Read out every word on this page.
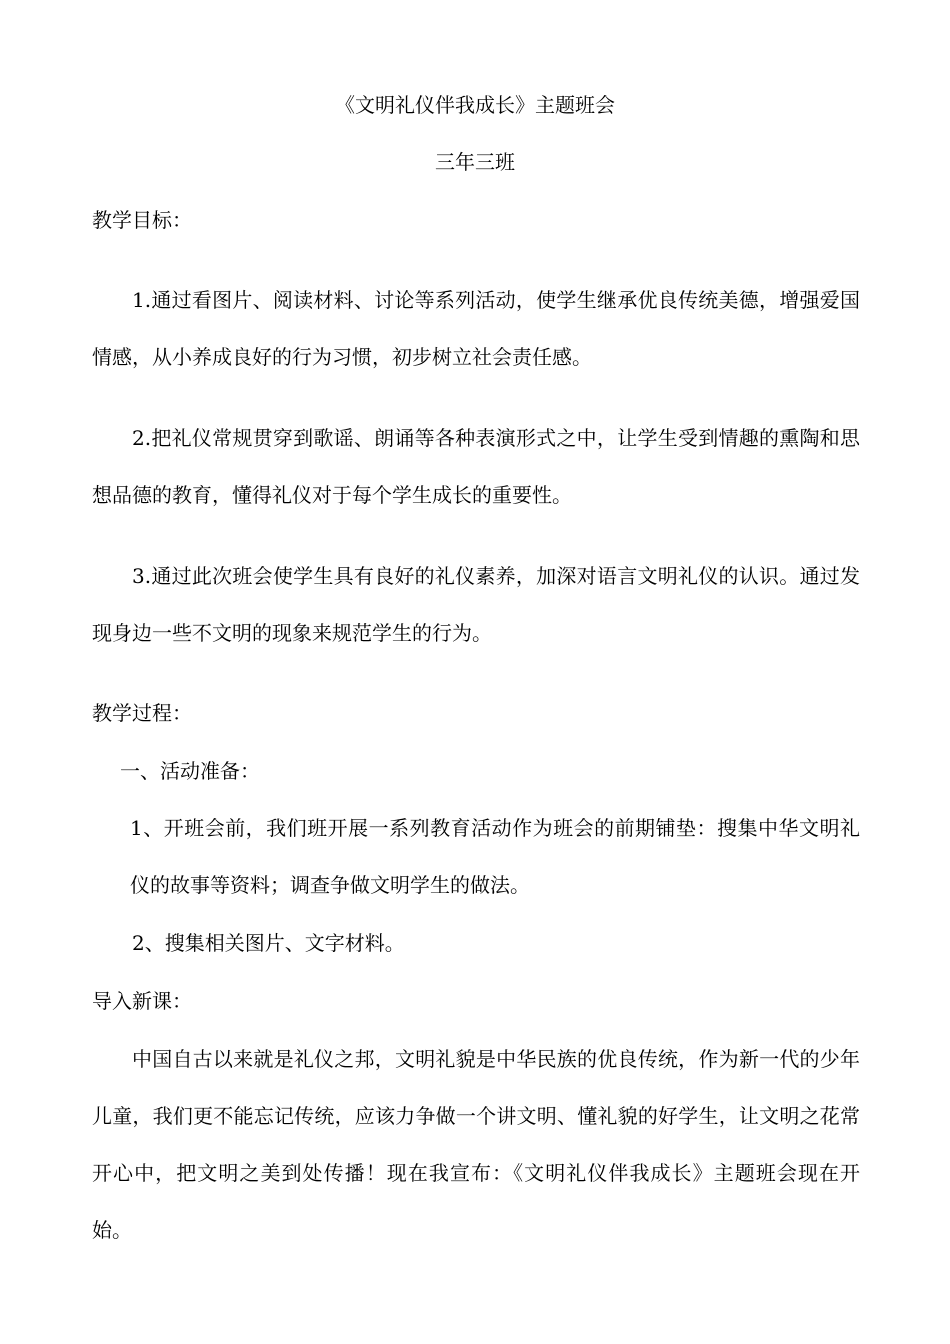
《文明礼仪伴我成长》主题班会
三年三班
教学目标：

1.通过看图片、阅读材料、讨论等系列活动，使学生继承优良传统美德，增强爱国情感，从小养成良好的行为习惯，初步树立社会责任感。

2.把礼仪常规贯穿到歌谣、朗诵等各种表演形式之中，让学生受到情趣的熏陶和思想品德的教育，懂得礼仪对于每个学生成长的重要性。

3.通过此次班会使学生具有良好的礼仪素养，加深对语言文明礼仪的认识。通过发现身边一些不文明的现象来规范学生的行为。

教学过程：
一、活动准备：

1、开班会前，我们班开展一系列教育活动作为班会的前期铺垫：搜集中华文明礼仪的故事等资料；调查争做文明学生的做法。

2、搜集相关图片、文字材料。
导入新课：

中国自古以来就是礼仪之邦，文明礼貌是中华民族的优良传统，作为新一代的少年儿童，我们更不能忘记传统，应该力争做一个讲文明、懂礼貌的好学生，让文明之花常开心中，把文明之美到处传播！现在我宣布：《文明礼仪伴我成长》主题班会现在开始。
